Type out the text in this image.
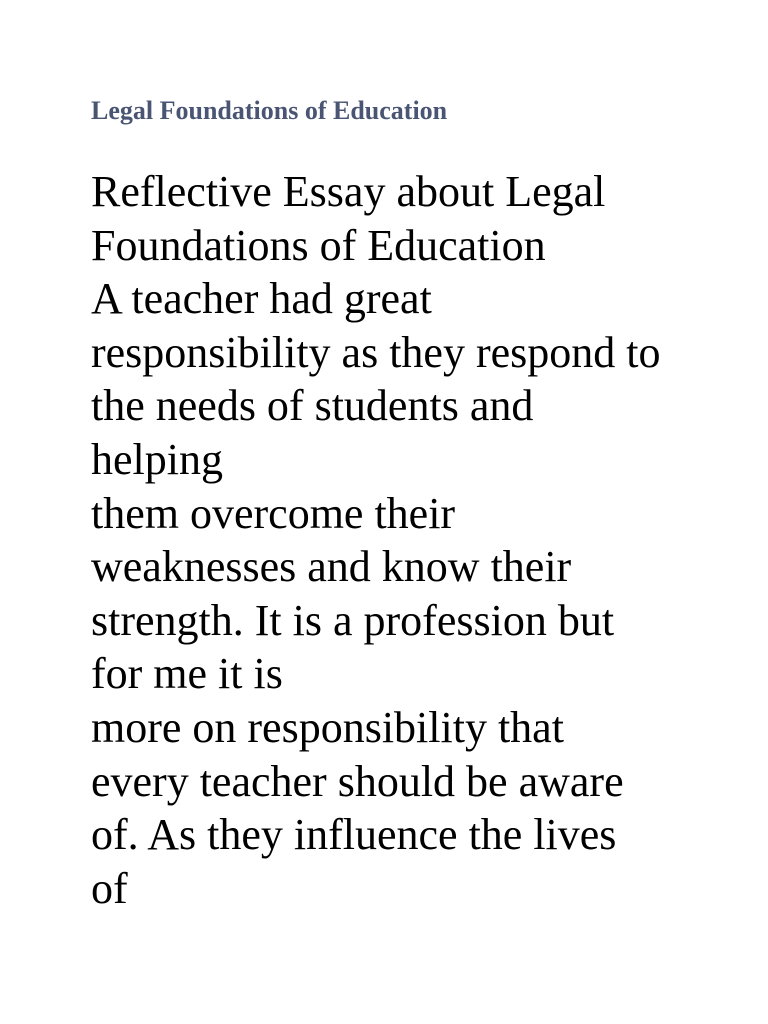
Legal Foundations of Education
Reflective Essay about Legal
Foundations of Education
A teacher had great
responsibility as they respond to
the needs of students and
helping
them overcome their
weaknesses and know their
strength. It is a profession but
for me it is
more on responsibility that
every teacher should be aware
of. As they influence the lives
of
